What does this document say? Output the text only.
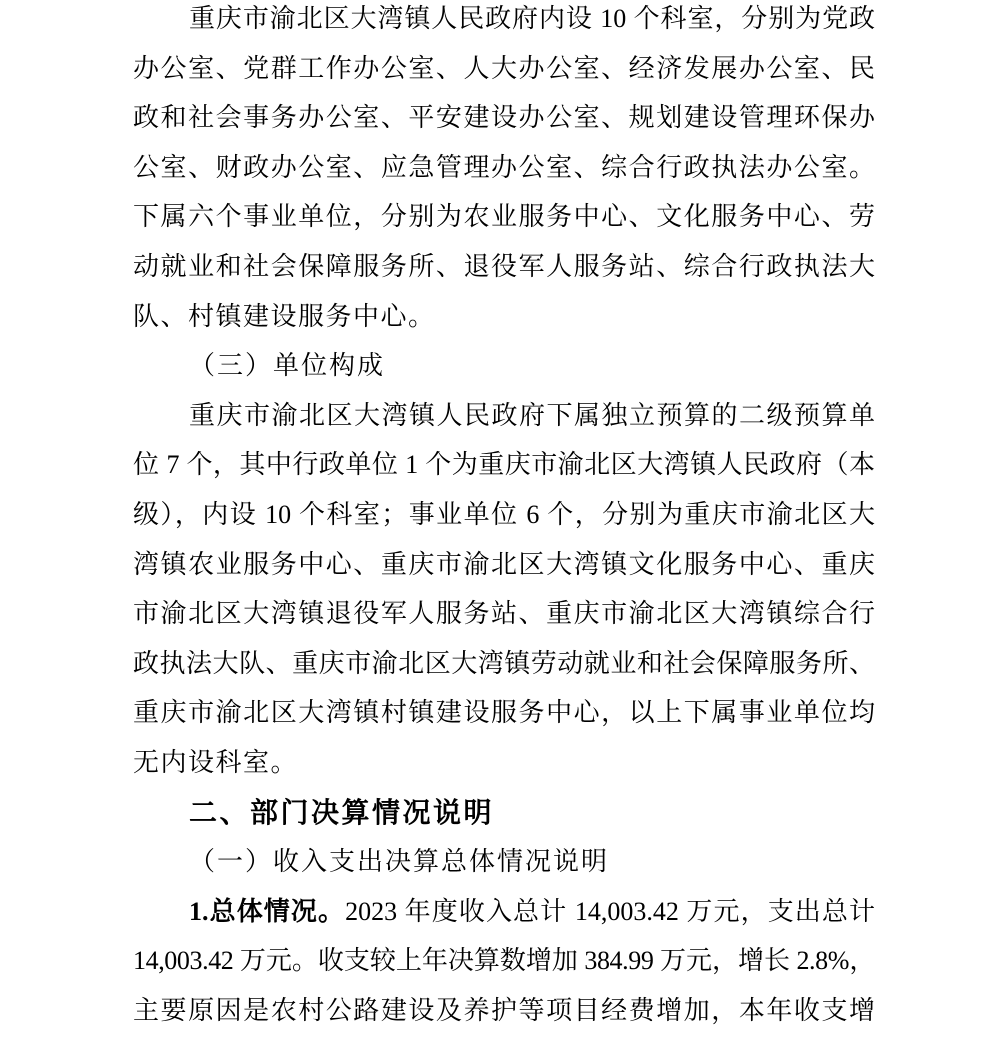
重庆市渝北区大湾镇人民政府内设 10 个科室，分别为党政
办公室、党群工作办公室、人大办公室、经济发展办公室、民
政和社会事务办公室、平安建设办公室、规划建设管理环保办
公室、财政办公室、应急管理办公室、综合行政执法办公室。
下属六个事业单位，分别为农业服务中心、文化服务中心、劳
动就业和社会保障服务所、退役军人服务站、综合行政执法大
队、村镇建设服务中心。
（三）单位构成
重庆市渝北区大湾镇人民政府下属独立预算的二级预算单
位 7 个，其中行政单位 1 个为重庆市渝北区大湾镇人民政府（本
级），内设 10 个科室；事业单位 6 个，分别为重庆市渝北区大
湾镇农业服务中心、重庆市渝北区大湾镇文化服务中心、重庆
市渝北区大湾镇退役军人服务站、重庆市渝北区大湾镇综合行
政执法大队、重庆市渝北区大湾镇劳动就业和社会保障服务所、
重庆市渝北区大湾镇村镇建设服务中心，以上下属事业单位均
无内设科室。
二、部门决算情况说明
（一）收入支出决算总体情况说明
1.总体情况。2023 年度收入总计 14,003.42 万元，支出总计
14,003.42 万元。收支较上年决算数增加 384.99 万元，增长 2.8%，
主要原因是农村公路建设及养护等项目经费增加，本年收支增
